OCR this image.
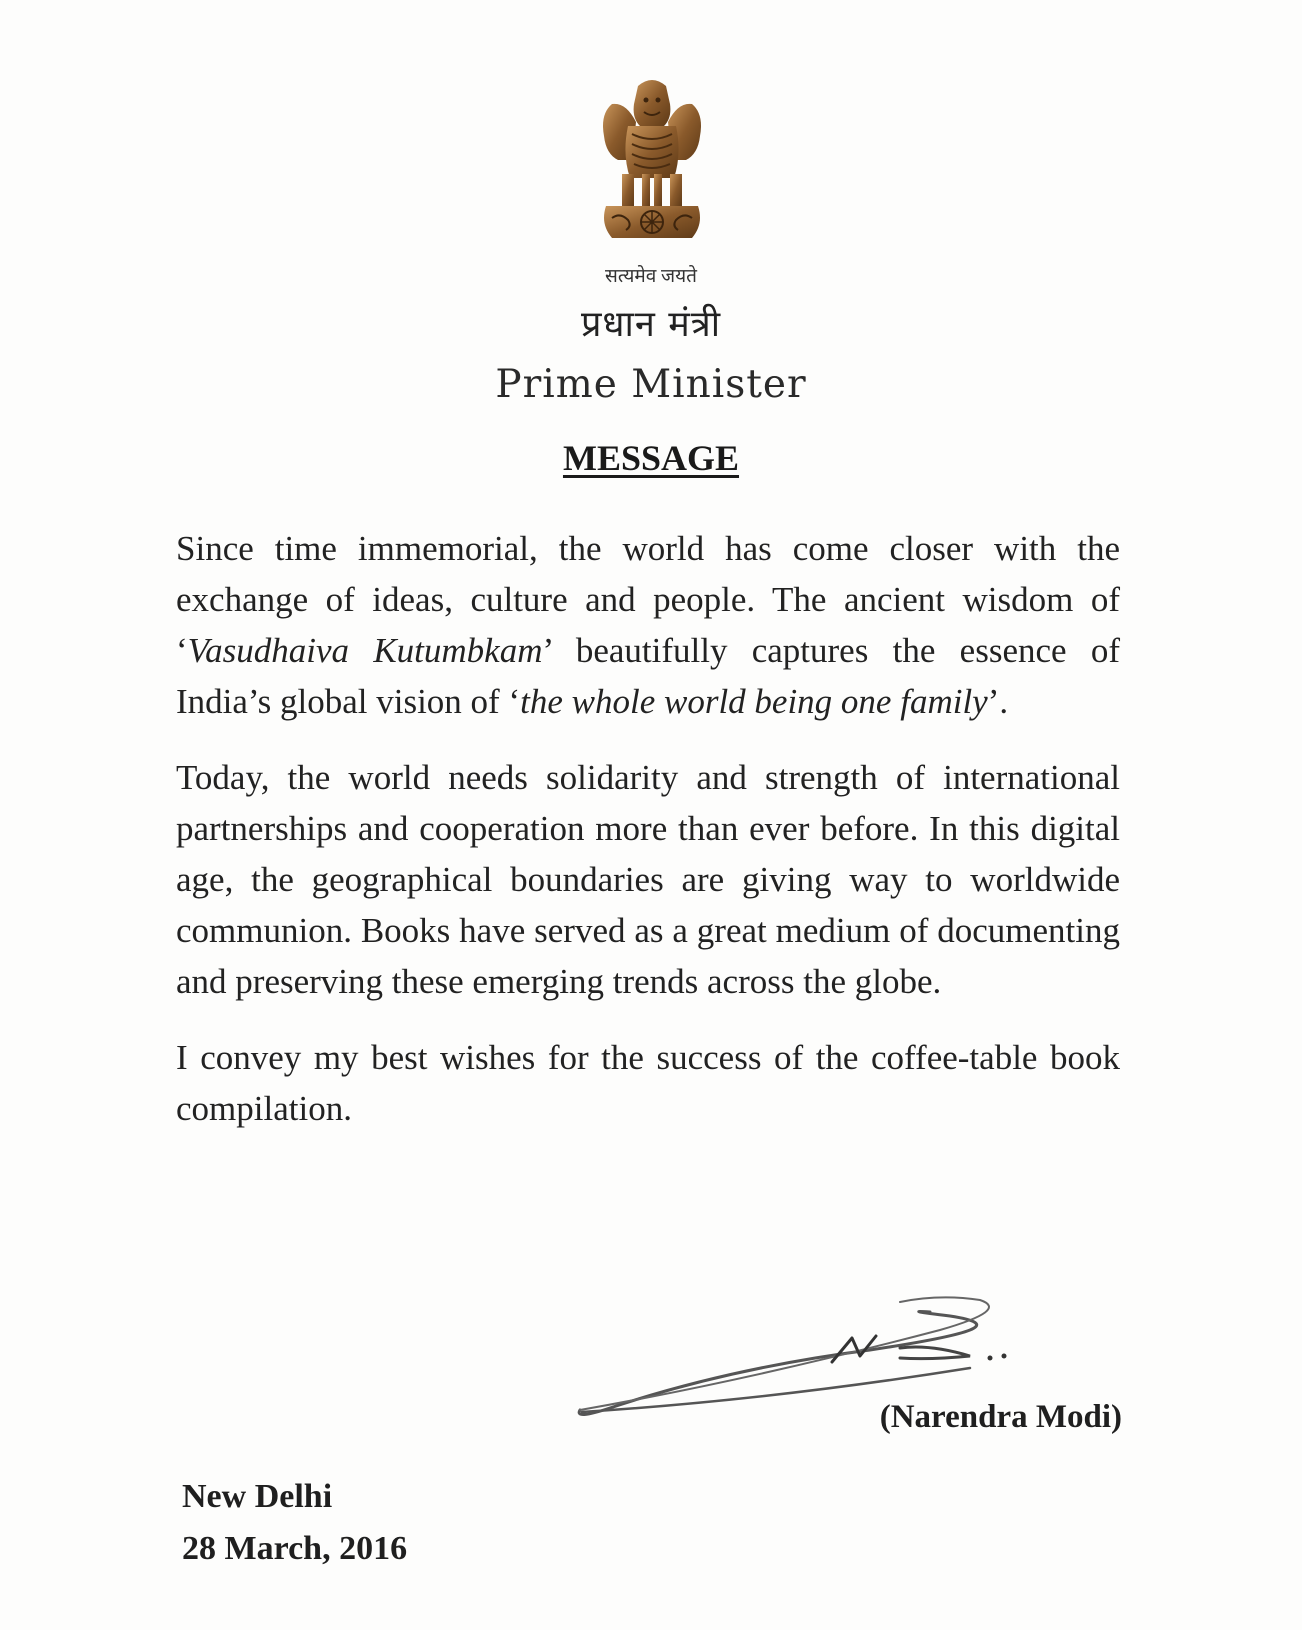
सत्यमेव जयते
प्रधान मंत्री
Prime Minister
MESSAGE

Since time immemorial, the world has come closer with the exchange of ideas, culture and people. The ancient wisdom of ‘Vasudhaiva Kutumbkam’ beautifully captures the essence of India’s global vision of ‘the whole world being one family’.

Today, the world needs solidarity and strength of international partnerships and cooperation more than ever before. In this digital age, the geographical boundaries are giving way to worldwide communion. Books have served as a great medium of documenting and preserving these emerging trends across the globe.

I convey my best wishes for the success of the coffee-table book compilation.

(Narendra Modi)
New Delhi
28 March, 2016
